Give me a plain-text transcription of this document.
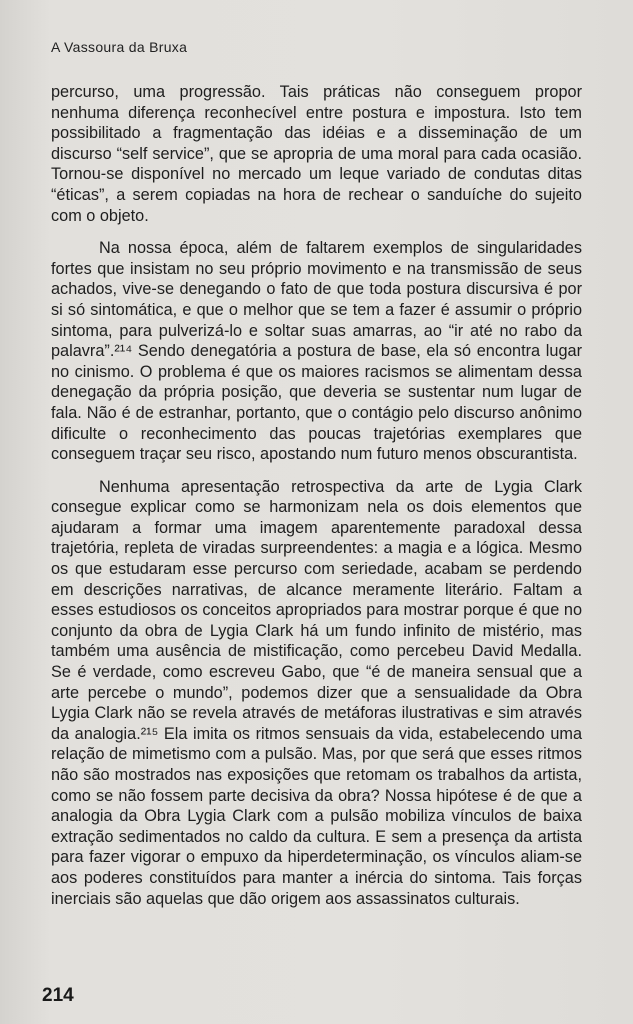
A Vassoura da Bruxa

percurso, uma progressão. Tais práticas não conseguem propor nenhuma diferença reconhecível entre postura e impostura. Isto tem possibilitado a fragmentação das idéias e a disseminação de um discurso “self service”, que se apropria de uma moral para cada ocasião. Tornou-se disponível no mercado um leque variado de condutas ditas “éticas”, a serem copiadas na hora de rechear o sanduíche do sujeito com o objeto.

Na nossa época, além de faltarem exemplos de singularidades fortes que insistam no seu próprio movimento e na transmissão de seus achados, vive-se denegando o fato de que toda postura discursiva é por si só sintomática, e que o melhor que se tem a fazer é assumir o próprio sintoma, para pulverizá-lo e soltar suas amarras, ao “ir até no rabo da palavra”.²¹⁴ Sendo denegatória a postura de base, ela só encontra lugar no cinismo. O problema é que os maiores racismos se alimentam dessa denegação da própria posição, que deveria se sustentar num lugar de fala. Não é de estranhar, portanto, que o contágio pelo discurso anônimo dificulte o reconhecimento das poucas trajetórias exemplares que conseguem traçar seu risco, apostando num futuro menos obscurantista.

Nenhuma apresentação retrospectiva da arte de Lygia Clark consegue explicar como se harmonizam nela os dois elementos que ajudaram a formar uma imagem aparentemente paradoxal dessa trajetória, repleta de viradas surpreendentes: a magia e a lógica. Mesmo os que estudaram esse percurso com seriedade, acabam se perdendo em descrições narrativas, de alcance meramente literário. Faltam a esses estudiosos os conceitos apropriados para mostrar porque é que no conjunto da obra de Lygia Clark há um fundo infinito de mistério, mas também uma ausência de mistificação, como percebeu David Medalla. Se é verdade, como escreveu Gabo, que “é de maneira sensual que a arte percebe o mundo”, podemos dizer que a sensualidade da Obra Lygia Clark não se revela através de metáforas ilustrativas e sim através da analogia.²¹⁵ Ela imita os ritmos sensuais da vida, estabelecendo uma relação de mimetismo com a pulsão. Mas, por que será que esses ritmos não são mostrados nas exposições que retomam os trabalhos da artista, como se não fossem parte decisiva da obra? Nossa hipótese é de que a analogia da Obra Lygia Clark com a pulsão mobiliza vínculos de baixa extração sedimentados no caldo da cultura. E sem a presença da artista para fazer vigorar o empuxo da hiperdeterminação, os vínculos aliam-se aos poderes constituídos para manter a inércia do sintoma. Tais forças inerciais são aquelas que dão origem aos assassinatos culturais.

214
